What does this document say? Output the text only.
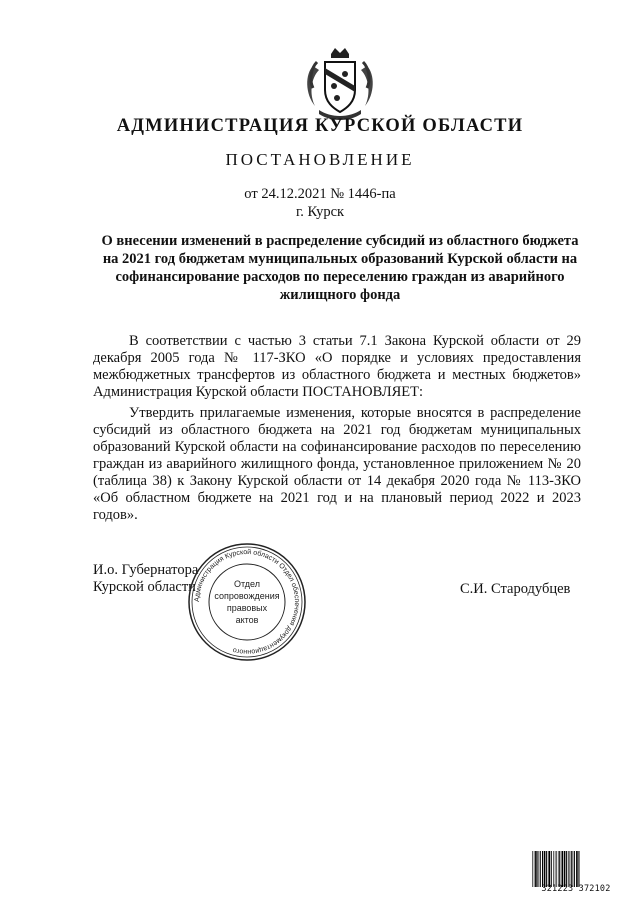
АДМИНИСТРАЦИЯ КУРСКОЙ ОБЛАСТИ
ПОСТАНОВЛЕНИЕ
от 24.12.2021 № 1446-па
г. Курск
О внесении изменений в распределение субсидий из областного бюджета на 2021 год бюджетам муниципальных образований Курской области на софинансирование расходов по переселению граждан из аварийного жилищного фонда
В соответствии с частью 3 статьи 7.1 Закона Курской области от 29 декабря 2005 года № 117-ЗКО «О порядке и условиях предоставления межбюджетных трансфертов из областного бюджета и местных бюджетов» Администрация Курской области ПОСТАНОВЛЯЕТ:
Утвердить прилагаемые изменения, которые вносятся в распределение субсидий из областного бюджета на 2021 год бюджетам муниципальных образований Курской области на софинансирование расходов по переселению граждан из аварийного жилищного фонда, установленное приложением № 20 (таблица 38) к Закону Курской области от 14 декабря 2020 года № 113-ЗКО «Об областном бюджете на 2021 год и на плановый период 2022 и 2023 годов».
И.о. Губернатора
Курской области	С.И. Стародубцев
Администрация Курской области Отдел обеспечения документационного
Отдел
сопровождения
правовых
актов
321223 372102
